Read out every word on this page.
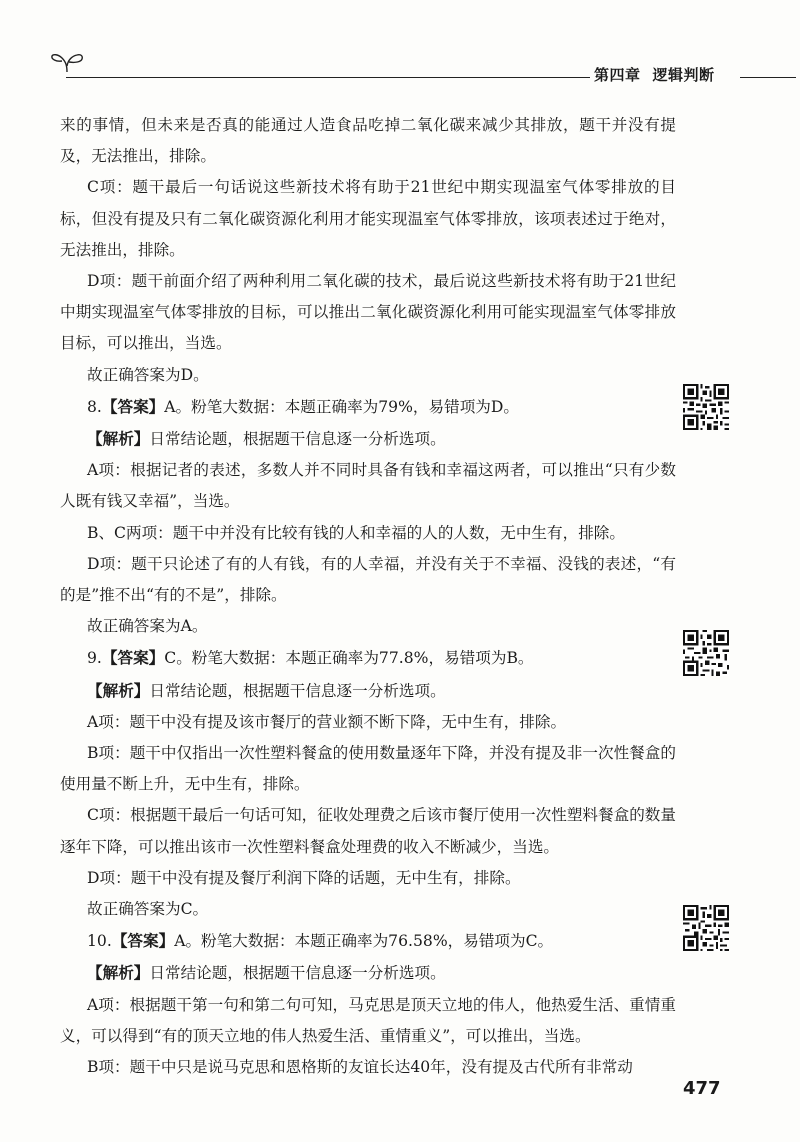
第四章 逻辑判断

来的事情，但未来是否真的能通过人造食品吃掉二氧化碳来减少其排放，题干并没有提及，无法推出，排除。

C项：题干最后一句话说这些新技术将有助于21世纪中期实现温室气体零排放的目标，但没有提及只有二氧化碳资源化利用才能实现温室气体零排放，该项表述过于绝对，无法推出，排除。

D项：题干前面介绍了两种利用二氧化碳的技术，最后说这些新技术将有助于21世纪中期实现温室气体零排放的目标，可以推出二氧化碳资源化利用可能实现温室气体零排放目标，可以推出，当选。

故正确答案为D。

8.【答案】A。粉笔大数据：本题正确率为79%，易错项为D。

【解析】日常结论题，根据题干信息逐一分析选项。

A项：根据记者的表述，多数人并不同时具备有钱和幸福这两者，可以推出“只有少数人既有钱又幸福”，当选。

B、C两项：题干中并没有比较有钱的人和幸福的人的人数，无中生有，排除。

D项：题干只论述了有的人有钱，有的人幸福，并没有关于不幸福、没钱的表述，“有的是”推不出“有的不是”，排除。

故正确答案为A。

9.【答案】C。粉笔大数据：本题正确率为77.8%，易错项为B。

【解析】日常结论题，根据题干信息逐一分析选项。

A项：题干中没有提及该市餐厅的营业额不断下降，无中生有，排除。

B项：题干中仅指出一次性塑料餐盒的使用数量逐年下降，并没有提及非一次性餐盒的使用量不断上升，无中生有，排除。

C项：根据题干最后一句话可知，征收处理费之后该市餐厅使用一次性塑料餐盒的数量逐年下降，可以推出该市一次性塑料餐盒处理费的收入不断减少，当选。

D项：题干中没有提及餐厅利润下降的话题，无中生有，排除。

故正确答案为C。

10.【答案】A。粉笔大数据：本题正确率为76.58%，易错项为C。

【解析】日常结论题，根据题干信息逐一分析选项。

A项：根据题干第一句和第二句可知，马克思是顶天立地的伟人，他热爱生活、重情重义，可以得到“有的顶天立地的伟人热爱生活、重情重义”，可以推出，当选。

B项：题干中只是说马克思和恩格斯的友谊长达40年，没有提及古代所有非常动

477
